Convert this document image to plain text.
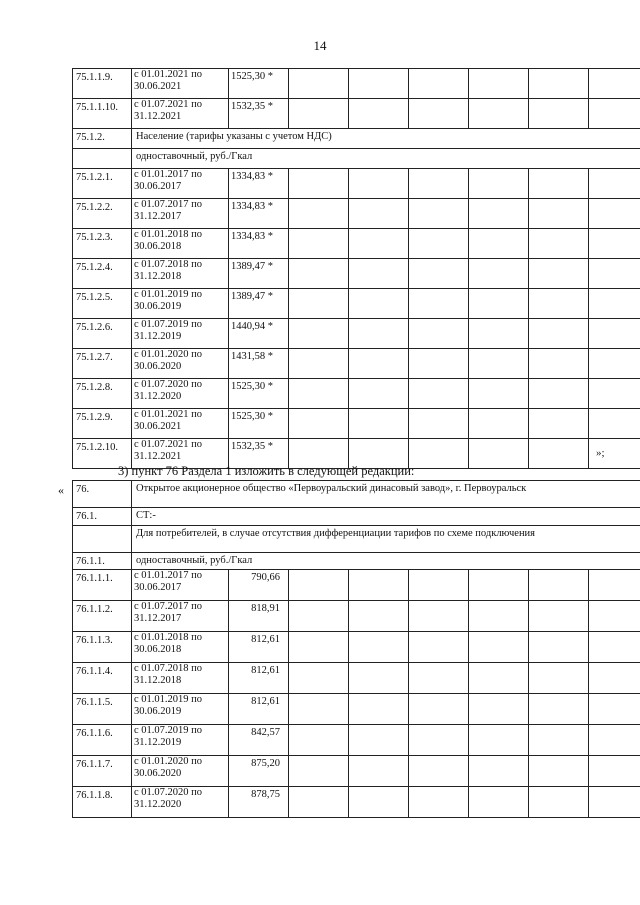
14
75.1.1.9.	с 01.01.2021 по 30.06.2021	1525,30 *						
75.1.1.10.	с 01.07.2021 по 31.12.2021	1532,35 *						
75.1.2.	Население (тарифы указаны с учетом НДС)							
	одноставочный, руб./Гкал							
75.1.2.1.	с 01.01.2017 по 30.06.2017	1334,83 *						
75.1.2.2.	с 01.07.2017 по 31.12.2017	1334,83 *						
75.1.2.3.	с 01.01.2018 по 30.06.2018	1334,83 *						
75.1.2.4.	с 01.07.2018 по 31.12.2018	1389,47 *						
75.1.2.5.	с 01.01.2019 по 30.06.2019	1389,47 *						
75.1.2.6.	с 01.07.2019 по 31.12.2019	1440,94 *						
75.1.2.7.	с 01.01.2020 по 30.06.2020	1431,58 *						
75.1.2.8.	с 01.07.2020 по 31.12.2020	1525,30 *						
75.1.2.9.	с 01.01.2021 по 30.06.2021	1525,30 *						
75.1.2.10.	с 01.07.2021 по 31.12.2021	1532,35 *						
»;
3) пункт 76 Раздела 1 изложить в следующей редакции:
« 76.	Открытое акционерное общество «Первоуральский динасовый завод», г. Первоуральск							
76.1.	СТ:-							
	Для потребителей, в случае отсутствия дифференциации тарифов по схеме подключения							
76.1.1.	одноставочный, руб./Гкал							
76.1.1.1.	с 01.01.2017 по 30.06.2017	790,66						
76.1.1.2.	с 01.07.2017 по 31.12.2017	818,91						
76.1.1.3.	с 01.01.2018 по 30.06.2018	812,61						
76.1.1.4.	с 01.07.2018 по 31.12.2018	812,61						
76.1.1.5.	с 01.01.2019 по 30.06.2019	812,61						
76.1.1.6.	с 01.07.2019 по 31.12.2019	842,57						
76.1.1.7.	с 01.01.2020 по 30.06.2020	875,20						
76.1.1.8.	с 01.07.2020 по 31.12.2020	878,75						
